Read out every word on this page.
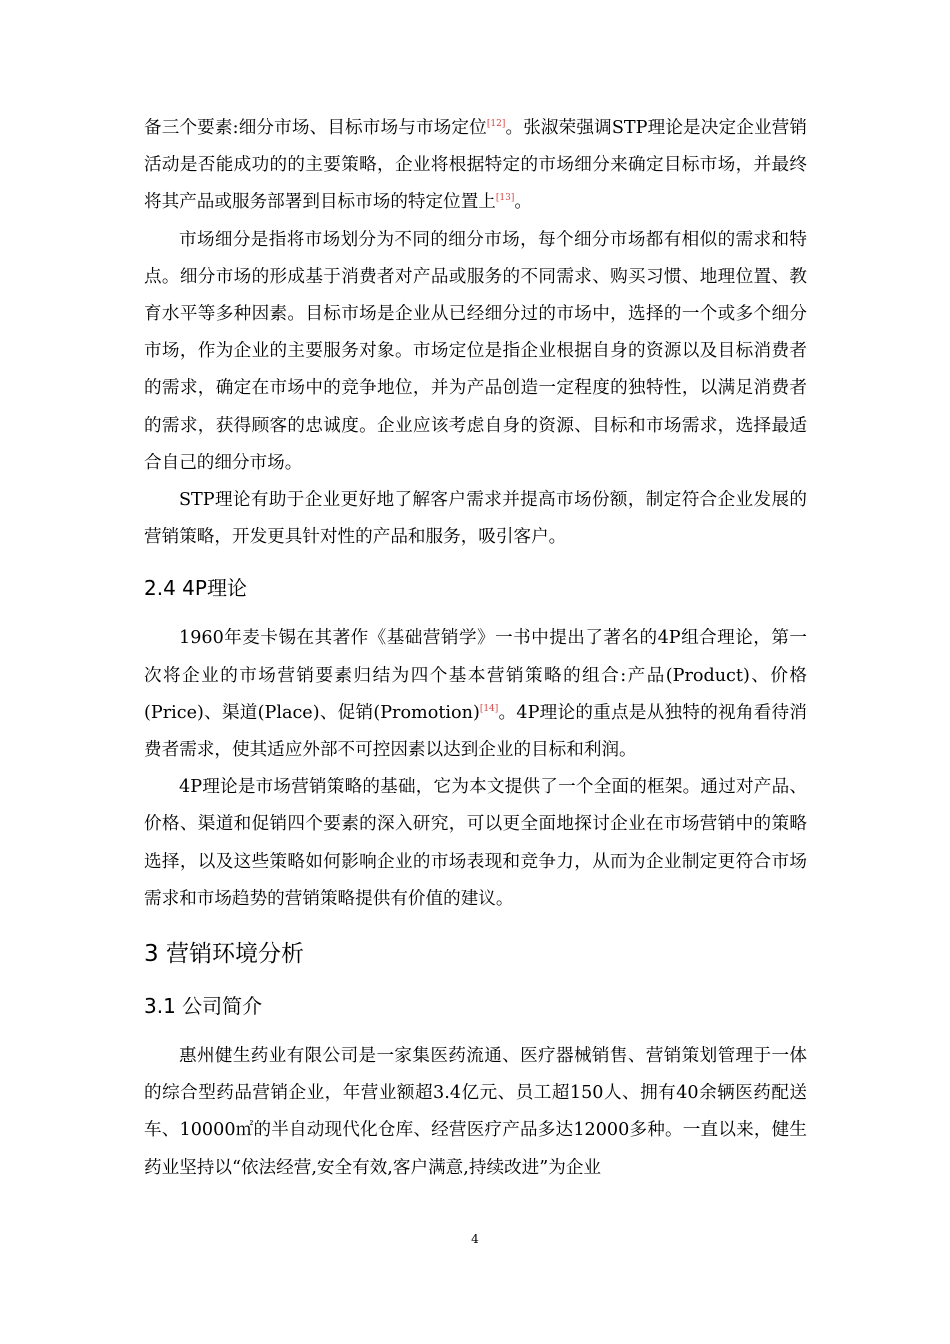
备三个要素:细分市场、目标市场与市场定位[12]。张淑荣强调STP理论是决定企业营销活动是否能成功的的主要策略，企业将根据特定的市场细分来确定目标市场，并最终将其产品或服务部署到目标市场的特定位置上[13]。

市场细分是指将市场划分为不同的细分市场，每个细分市场都有相似的需求和特点。细分市场的形成基于消费者对产品或服务的不同需求、购买习惯、地理位置、教育水平等多种因素。目标市场是企业从已经细分过的市场中，选择的一个或多个细分市场，作为企业的主要服务对象。市场定位是指企业根据自身的资源以及目标消费者的需求，确定在市场中的竞争地位，并为产品创造一定程度的独特性，以满足消费者的需求，获得顾客的忠诚度。企业应该考虑自身的资源、目标和市场需求，选择最适合自己的细分市场。

STP理论有助于企业更好地了解客户需求并提高市场份额，制定符合企业发展的营销策略，开发更具针对性的产品和服务，吸引客户。

2.4 4P理论

1960年麦卡锡在其著作《基础营销学》一书中提出了著名的4P组合理论，第一次将企业的市场营销要素归结为四个基本营销策略的组合:产品(Product)、价格(Price)、渠道(Place)、促销(Promotion)[14]。4P理论的重点是从独特的视角看待消费者需求，使其适应外部不可控因素以达到企业的目标和利润。

4P理论是市场营销策略的基础，它为本文提供了一个全面的框架。通过对产品、价格、渠道和促销四个要素的深入研究，可以更全面地探讨企业在市场营销中的策略选择，以及这些策略如何影响企业的市场表现和竞争力，从而为企业制定更符合市场需求和市场趋势的营销策略提供有价值的建议。

3 营销环境分析
3.1 公司简介

惠州健生药业有限公司是一家集医药流通、医疗器械销售、营销策划管理于一体的综合型药品营销企业，年营业额超3.4亿元、员工超150人、拥有40余辆医药配送车、10000㎡的半自动现代化仓库、经营医疗产品多达12000多种。一直以来，健生药业坚持以“依法经营,安全有效,客户满意,持续改进”为企业

4
